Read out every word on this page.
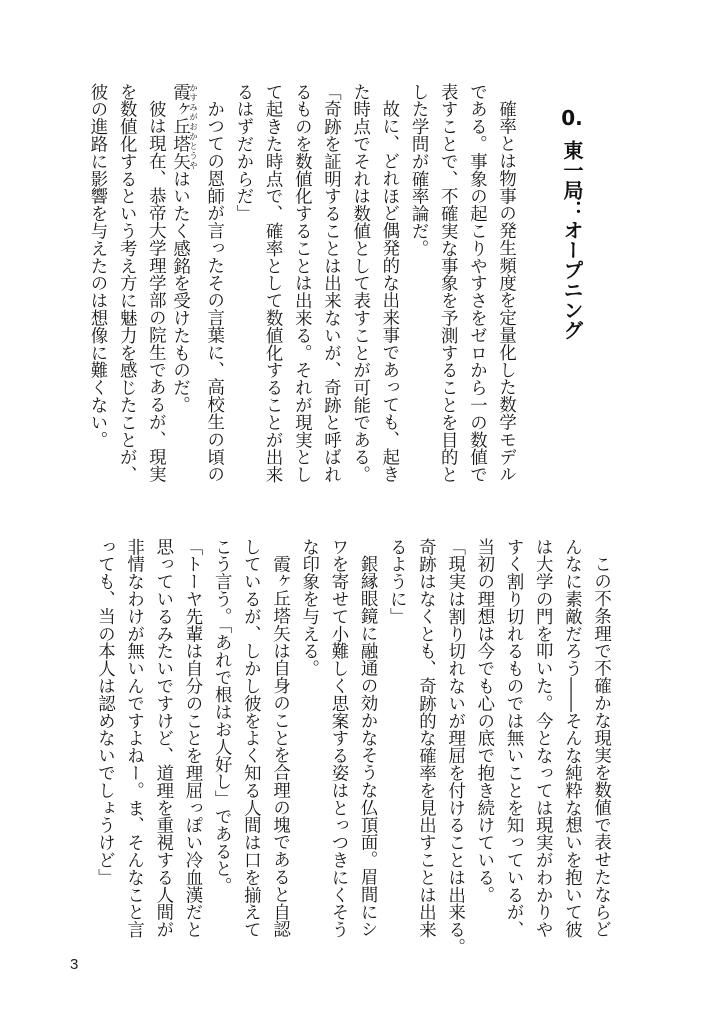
0.東一局：オープニング
確率とは物事の発生頻度を定量化した数学モデル
である。事象の起こりやすさをゼロから一の数値で
表すことで、不確実な事象を予測することを目的と
した学問が確率論だ。
故に、どれほど偶発的な出来事であっても、起き
た時点でそれは数値として表すことが可能である。
「奇跡を証明することは出来ないが、奇跡と呼ばれ
るものを数値化することは出来る。それが現実とし
て起きた時点で、確率として数値化することが出来
るはずだからだ」
かつての恩師が言ったその言葉に、高校生の頃の
霞ヶ丘塔矢 かすみがおかとうやはいたく感銘を受けたものだ。
彼は現在、恭帝大学理学部の院生であるが、現実
を数値化するという考え方に魅力を感じたことが、
彼の進路に影響を与えたのは想像に難くない。
この不条理で不確かな現実を数値で表せたならど
んなに素敵だろう――そんな純粋な想いを抱いて彼
は大学の門を叩いた。今となっては現実がわかりや
すく割り切れるものでは無いことを知っているが、
当初の理想は今でも心の底で抱き続けている。
「現実は割り切れないが理屈を付けることは出来る。
奇跡はなくとも、奇跡的な確率を見出すことは出来
るように」
銀縁眼鏡に融通の効かなそうな仏頂面。眉間にシ
ワを寄せて小難しく思案する姿はとっつきにくそう
な印象を与える。
霞ヶ丘塔矢は自身のことを合理の塊であると自認
しているが、しかし彼をよく知る人間は口を揃えて
こう言う。「あれで根はお人好し」であると。
「トーヤ先輩は自分のことを理屈っぽい冷血漢だと
思っているみたいですけど、道理を重視する人間が
非情なわけが無いんですよねー。ま、そんなこと言
っても、当の本人は認めないでしょうけど」
3
